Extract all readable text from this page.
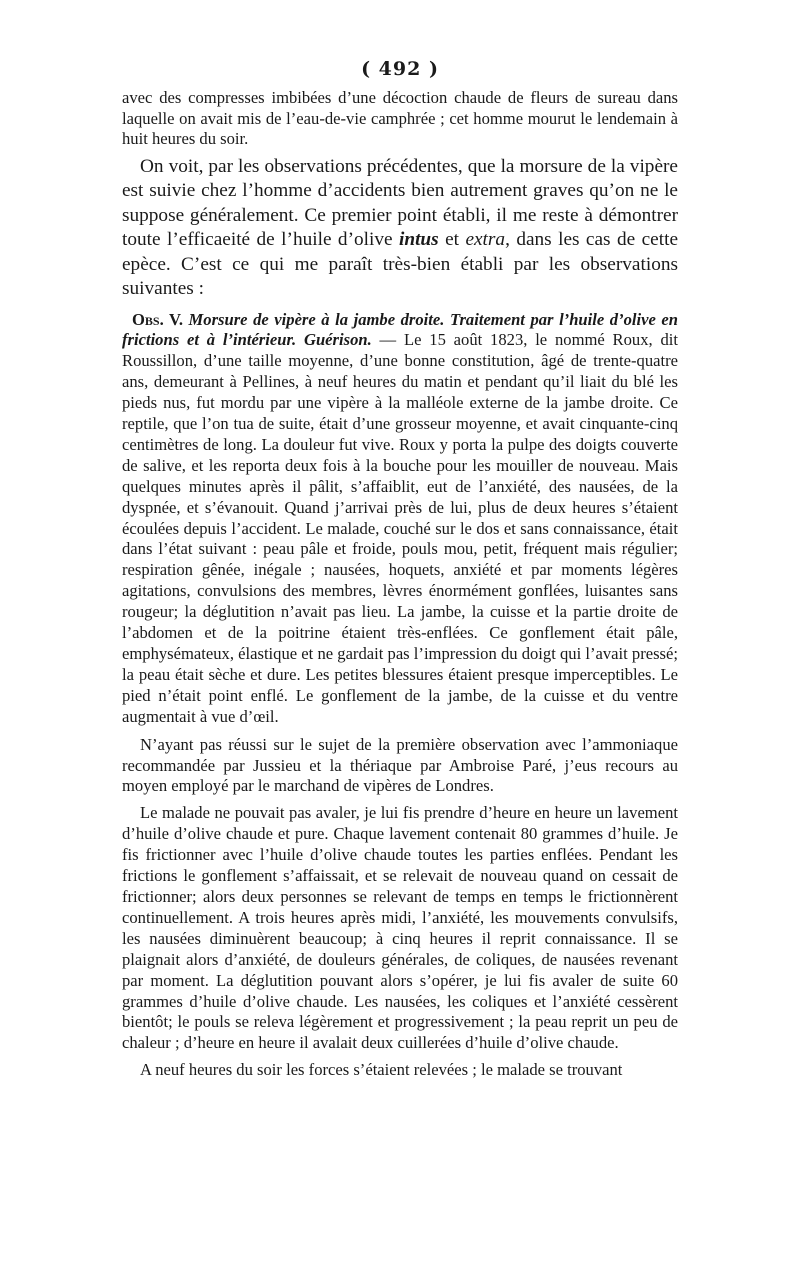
( 492 )

avec des compresses imbibées d’une décoction chaude de fleurs de sureau dans laquelle on avait mis de l’eau-de-vie camphrée ; cet homme mourut le lendemain à huit heures du soir.

On voit, par les observations précédentes, que la morsure de la vipère est suivie chez l’homme d’accidents bien autrement graves qu’on ne le suppose généralement. Ce premier point établi, il me reste à démontrer toute l’efficaeité de l’huile d’olive intus et extra, dans les cas de cette epèce. C’est ce qui me paraît très-bien établi par les observations suivantes :

Obs. V. Morsure de vipère à la jambe droite. Traitement par l’huile d’olive en frictions et à l’intérieur. Guérison. — Le 15 août 1823, le nommé Roux, dit Roussillon, d’une taille moyenne, d’une bonne constitution, âgé de trente-quatre ans, demeurant à Pellines, à neuf heures du matin et pendant qu’il liait du blé les pieds nus, fut mordu par une vipère à la malléole externe de la jambe droite. Ce reptile, que l’on tua de suite, était d’une grosseur moyenne, et avait cinquante-cinq centimètres de long. La douleur fut vive. Roux y porta la pulpe des doigts couverte de salive, et les reporta deux fois à la bouche pour les mouiller de nouveau. Mais quelques minutes après il pâlit, s’affaiblit, eut de l’anxiété, des nausées, de la dyspnée, et s’évanouit. Quand j’arrivai près de lui, plus de deux heures s’étaient écoulées depuis l’accident. Le malade, couché sur le dos et sans connaissance, était dans l’état suivant : peau pâle et froide, pouls mou, petit, fréquent mais régulier; respiration gênée, inégale ; nausées, hoquets, anxiété et par moments légères agitations, convulsions des membres, lèvres énormément gonflées, luisantes sans rougeur; la déglutition n’avait pas lieu. La jambe, la cuisse et la partie droite de l’abdomen et de la poitrine étaient très-enflées. Ce gonflement était pâle, emphysémateux, élastique et ne gardait pas l’impression du doigt qui l’avait pressé; la peau était sèche et dure. Les petites blessures étaient presque imperceptibles. Le pied n’était point enflé. Le gonflement de la jambe, de la cuisse et du ventre augmentait à vue d’œil.

N’ayant pas réussi sur le sujet de la première observation avec l’ammoniaque recommandée par Jussieu et la thériaque par Ambroise Paré, j’eus recours au moyen employé par le marchand de vipères de Londres.

Le malade ne pouvait pas avaler, je lui fis prendre d’heure en heure un lavement d’huile d’olive chaude et pure. Chaque lavement contenait 80 grammes d’huile. Je fis frictionner avec l’huile d’olive chaude toutes les parties enflées. Pendant les frictions le gonflement s’affaissait, et se relevait de nouveau quand on cessait de frictionner; alors deux personnes se relevant de temps en temps le frictionnèrent continuellement. A trois heures après midi, l’anxiété, les mouvements convulsifs, les nausées diminuèrent beaucoup; à cinq heures il reprit connaissance. Il se plaignait alors d’anxiété, de douleurs générales, de coliques, de nausées revenant par moment. La déglutition pouvant alors s’opérer, je lui fis avaler de suite 60 grammes d’huile d’olive chaude. Les nausées, les coliques et l’anxiété cessèrent bientôt; le pouls se releva légèrement et progressivement ; la peau reprit un peu de chaleur ; d’heure en heure il avalait deux cuillerées d’huile d’olive chaude.

A neuf heures du soir les forces s’étaient relevées ; le malade se trouvant
